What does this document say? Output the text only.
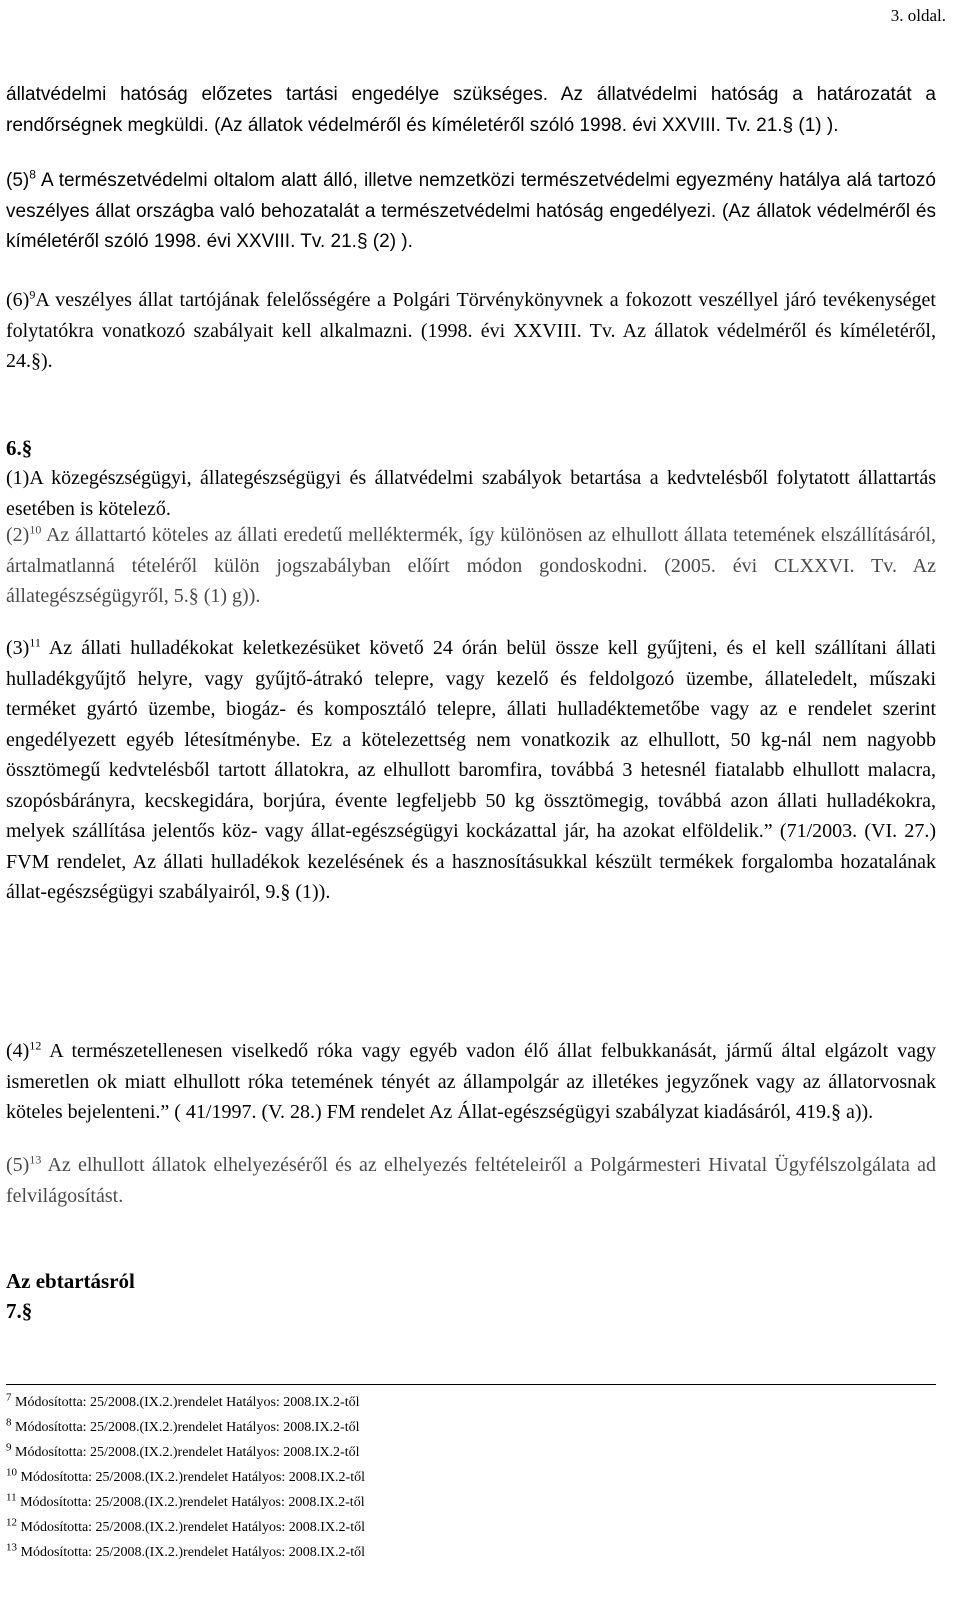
3. oldal.

állatvédelmi hatóság előzetes tartási engedélye szükséges. Az állatvédelmi hatóság a határozatát a rendőrségnek megküldi. (Az állatok védelméről és kíméletéről szóló 1998. évi XXVIII. Tv. 21.§ (1) ).

$(5)^8$ A természetvédelmi oltalom alatt álló, illetve nemzetközi természetvédelmi egyezmény hatálya alá tartozó veszélyes állat országba való behozatalát a természetvédelmi hatóság engedélyezi. (Az állatok védelméről és kíméletéről szóló 1998. évi XXVIII. Tv. 21.§ (2) ).

$(6)^9A$ veszélyes állat tartójának felelősségére a Polgári Törvénykönyvnek a fokozott veszéllyel járó tevékenységet folytatókra vonatkozó szabályait kell alkalmazni. (1998. évi XXVIII. Tv. Az állatok védelméről és kíméletéről, 24.§).

6.§

(1)A közegészségügyi, állategészségügyi és állatvédelmi szabályok betartása a kedvtelésből folytatott állattartás esetében is kötelező.

$(2)^{10}$ Az állattartó köteles az állati eredetű melléktermék, így különösen az elhullott állata tetemének elszállításáról, ártalmatlanná tételéről külön jogszabályban előírt módon gondoskodni. (2005. évi CLXXVI. Tv. Az állategészségügyről, 5.§ (1) g)).

$(3)^{11}$ Az állati hulladékokat keletkezésüket követő 24 órán belül össze kell gyűjteni, és el kell szállítani állati hulladékgyűjtő helyre, vagy gyűjtő-átrakó telepre, vagy kezelő és feldolgozó üzembe, állateledelt, műszaki terméket gyártó üzembe, biogáz- és komposztáló telepre, állati hulladéktemetőbe vagy az e rendelet szerint engedélyezett egyéb létesítménybe. Ez a kötelezettség nem vonatkozik az elhullott, 50 kg-nál nem nagyobb össztömegű kedvtelésből tartott állatokra, az elhullott baromfira, továbbá 3 hetesnél fiatalabb elhullott malacra, szopósbárányra, kecskegidára, borjúra, évente legfeljebb 50 kg össztömegig, továbbá azon állati hulladékokra, melyek szállítása jelentős köz- vagy állat-egészségügyi kockázattal jár, ha azokat elföldelik.” (71/2003. (VI. 27.) FVM rendelet, Az állati hulladékok kezelésének és a hasznosításukkal készült termékek forgalomba hozatalának állat-egészségügyi szabályairól, 9.§ (1)).

$(4)^{12}$ A természetellenesen viselkedő róka vagy egyéb vadon élő állat felbukkanását, jármű által elgázolt vagy ismeretlen ok miatt elhullott róka tetemének tényét az állampolgár az illetékes jegyzőnek vagy az állatorvosnak köteles bejelenteni.” ( 41/1997. (V. 28.) FM rendelet Az Állat-egészségügyi szabályzat kiadásáról, 419.§ a)).

$(5)^{13}$ Az elhullott állatok elhelyezéséről és az elhelyezés feltételeiről a Polgármesteri Hivatal Ügyfélszolgálata ad felvilágosítást.

Az ebtartásról

7.§

$^7$ Módosította: 25/2008.(IX.2.)rendelet Hatályos: 2008.IX.2-től
$^8$ Módosította: 25/2008.(IX.2.)rendelet Hatályos: 2008.IX.2-től
$^9$ Módosította: 25/2008.(IX.2.)rendelet Hatályos: 2008.IX.2-től
$^{10}$ Módosította: 25/2008.(IX.2.)rendelet Hatályos: 2008.IX.2-től
$^{11}$ Módosította: 25/2008.(IX.2.)rendelet Hatályos: 2008.IX.2-től
$^{12}$ Módosította: 25/2008.(IX.2.)rendelet Hatályos: 2008.IX.2-től
$^{13}$ Módosította: 25/2008.(IX.2.)rendelet Hatályos: 2008.IX.2-től
